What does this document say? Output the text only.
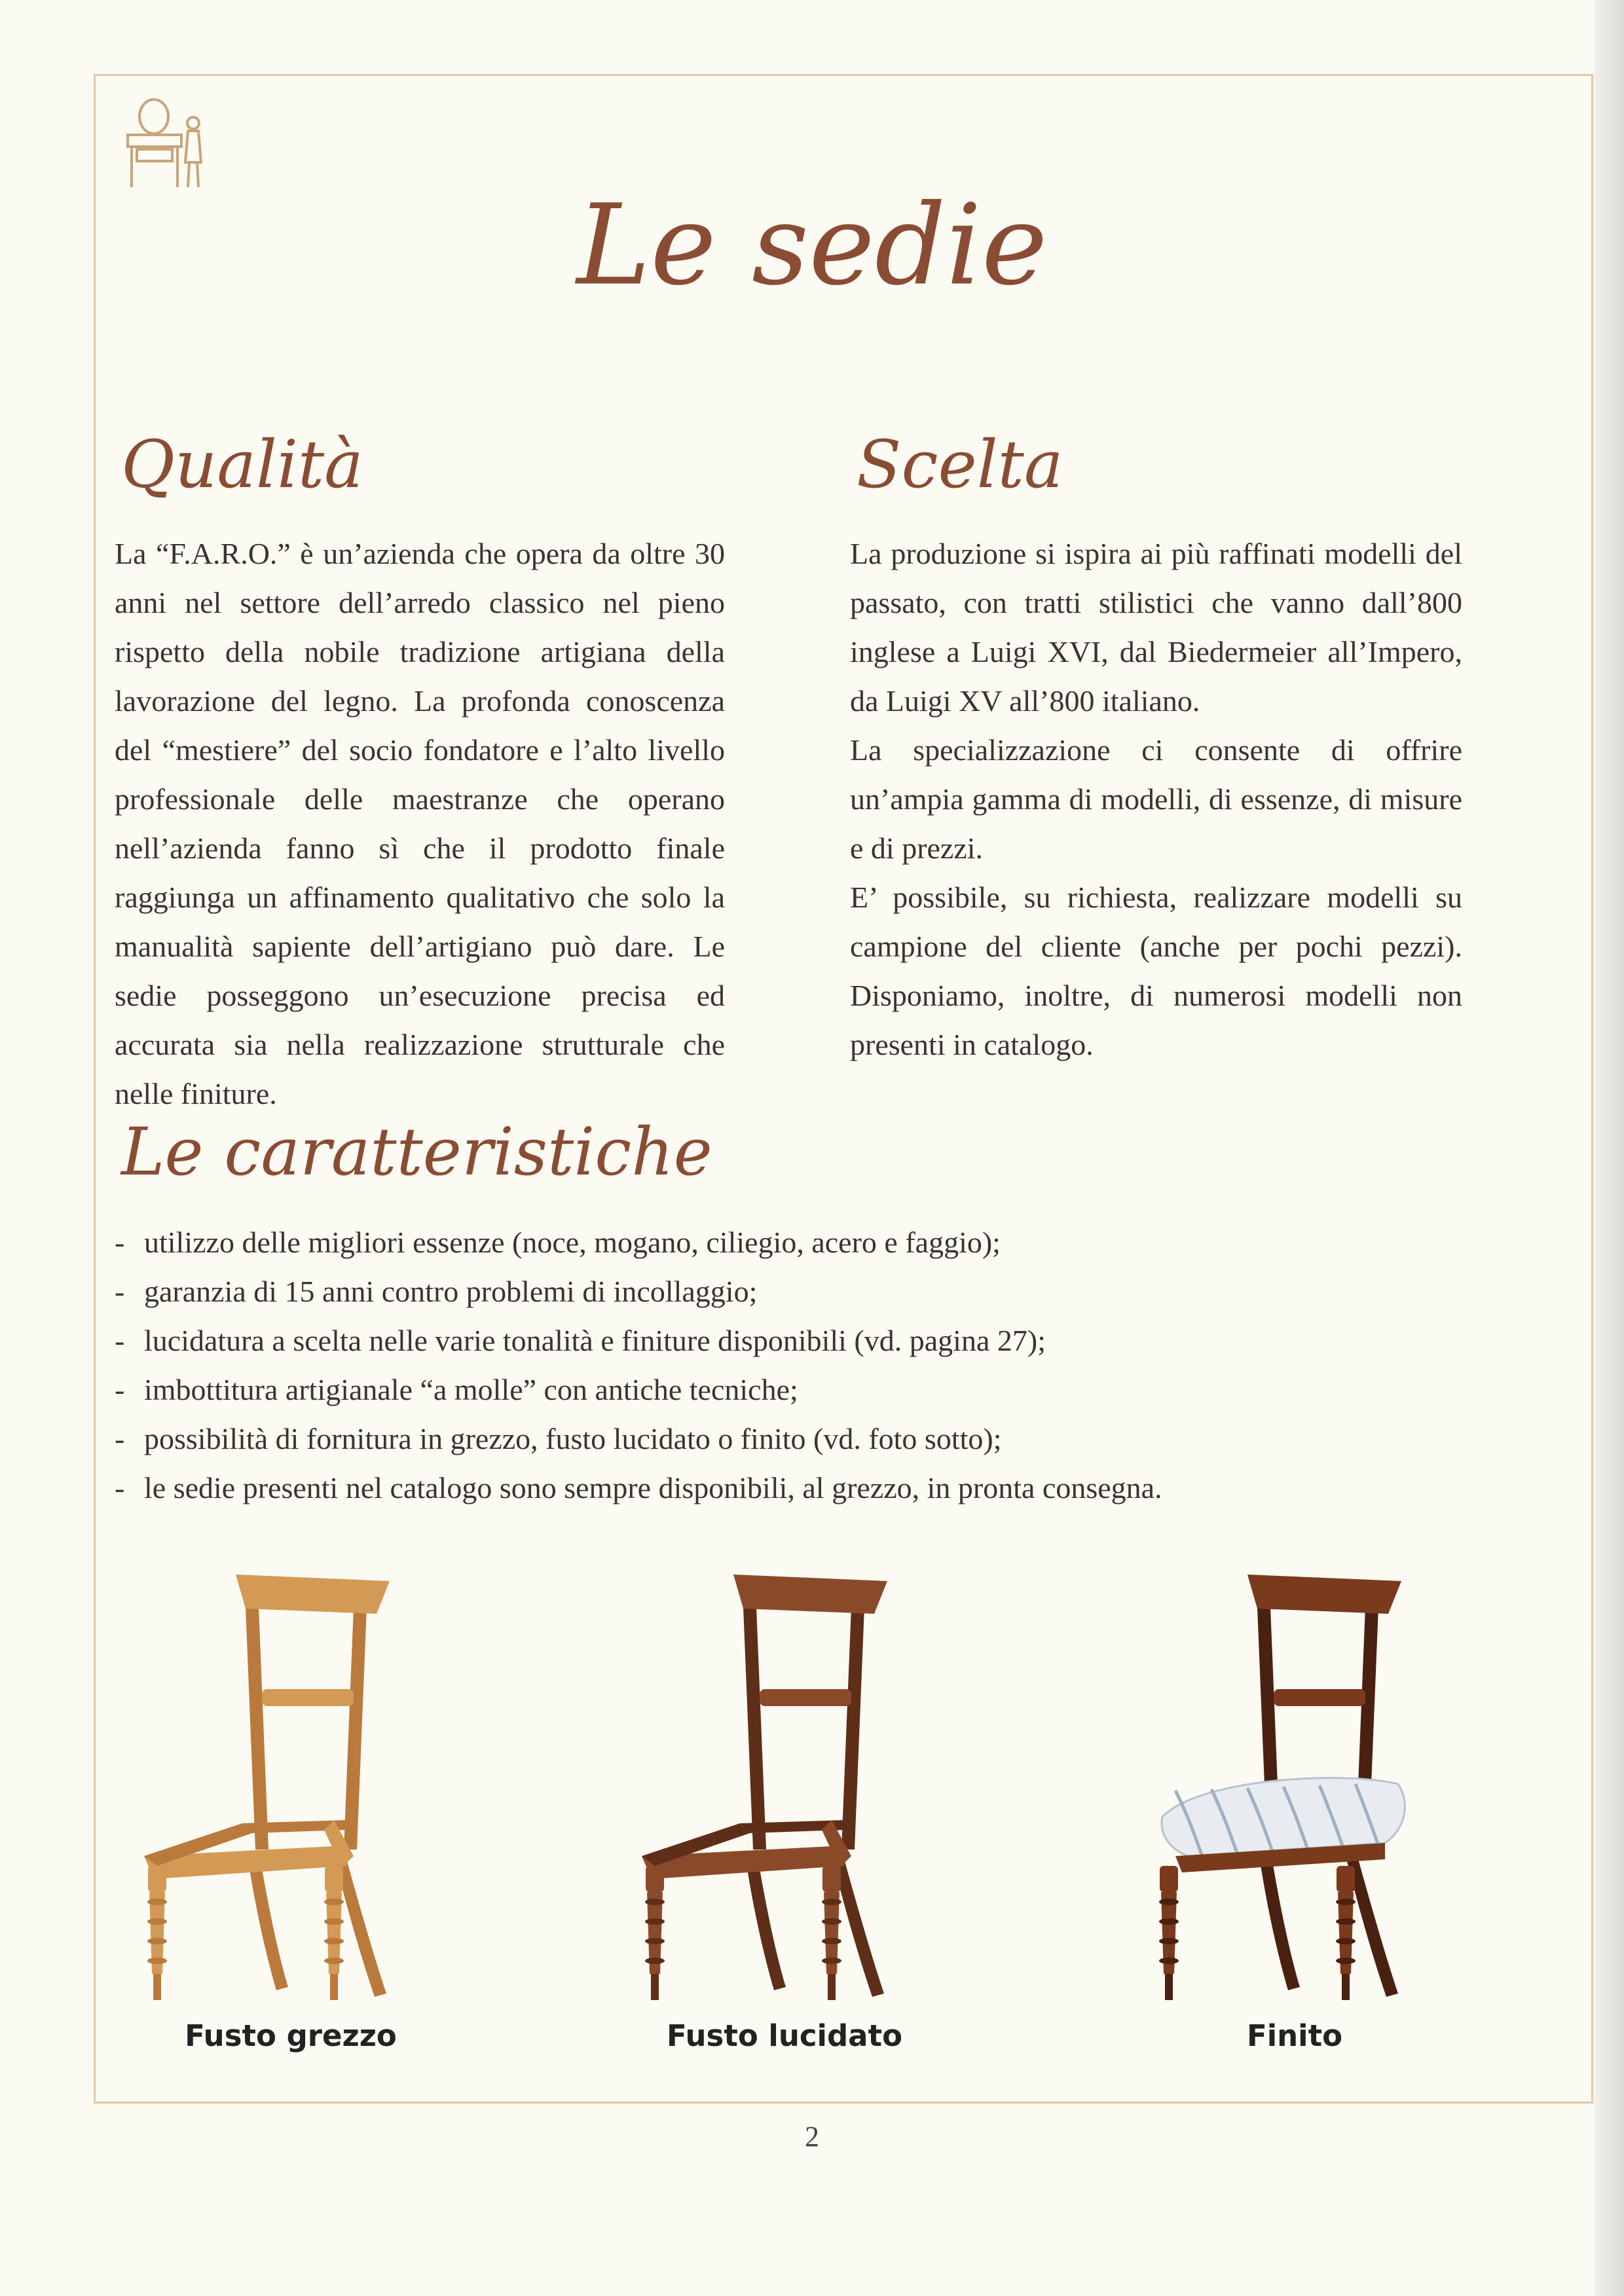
Le sedie
Qualità

La “F.A.R.O.” è un’azienda che opera da oltre 30 anni nel settore dell’arredo classico nel pieno rispetto della nobile tradizione artigiana della lavorazione del legno. La profonda conoscenza del “mestiere” del socio fondatore e l’alto livello professionale delle maestranze che operano nell’azienda fanno sì che il prodotto finale raggiunga un affinamento qualitativo che solo la manualità sapiente dell’artigiano può dare. Le sedie posseggono un’esecuzione precisa ed accurata sia nella realizzazione strutturale che nelle finiture.

Scelta

La produzione si ispira ai più raffinati modelli del passato, con tratti stilistici che vanno dall’800 inglese a Luigi XVI, dal Biedermeier all’Impero, da Luigi XV all’800 italiano.

La specializzazione ci consente di offrire un’ampia gamma di modelli, di essenze, di misure e di prezzi.

E’ possibile, su richiesta, realizzare modelli su campione del cliente (anche per pochi pezzi). Disponiamo, inoltre, di numerosi modelli non presenti in catalogo.

Le caratteristiche
- utilizzo delle migliori essenze (noce, mogano, ciliegio, acero e faggio);
- garanzia di 15 anni contro problemi di incollaggio;
- lucidatura a scelta nelle varie tonalità e finiture disponibili (vd. pagina 27);
- imbottitura artigianale “a molle” con antiche tecniche;
- possibilità di fornitura in grezzo, fusto lucidato o finito (vd. foto sotto);
- le sedie presenti nel catalogo sono sempre disponibili, al grezzo, in pronta consegna.
Fusto grezzo	Fusto lucidato	Finito
2
